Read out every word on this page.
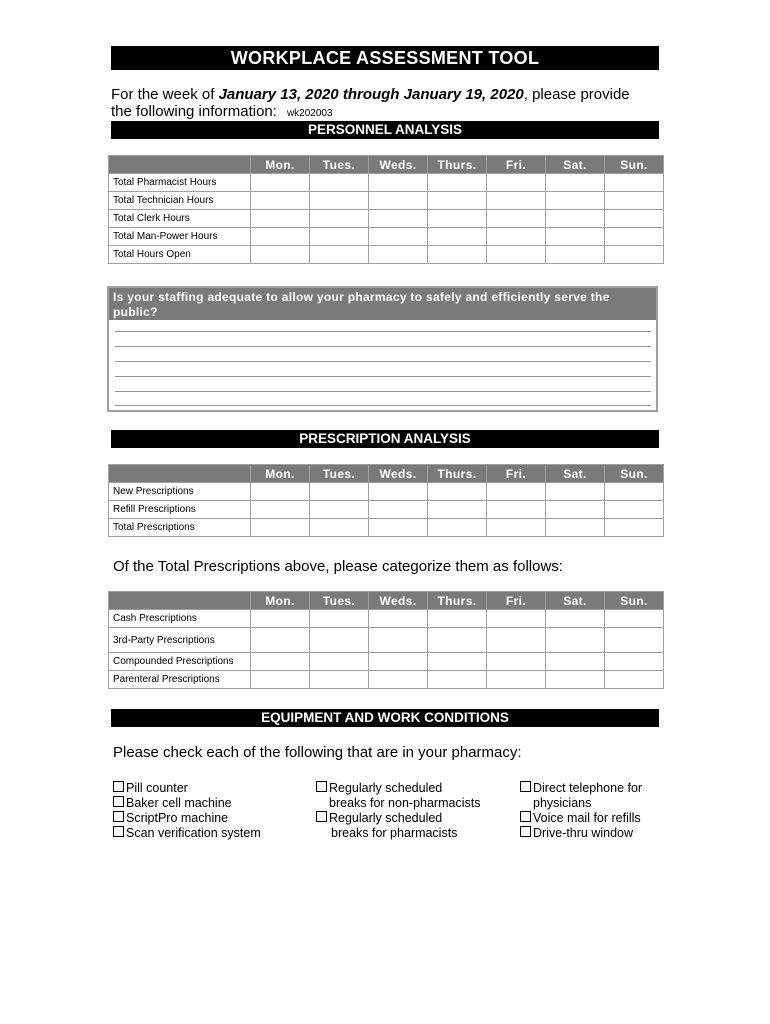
WORKPLACE ASSESSMENT TOOL
For the week of January 13, 2020 through January 19, 2020, please provide
the following information: wk202003
PERSONNEL ANALYSIS
	Mon.	Tues.	Weds.	Thurs.	Fri.	Sat.	Sun.
Total Pharmacist Hours							
Total Technician Hours							
Total Clerk Hours							
Total Man-Power Hours							
Total Hours Open							
Is your staffing adequate to allow your pharmacy to safely and efficiently serve the public?
If not, what suggestions regarding the staffing of your pharmacy would you make?
PRESCRIPTION ANALYSIS
	Mon.	Tues.	Weds.	Thurs.	Fri.	Sat.	Sun.
New Prescriptions							
Refill Prescriptions							
Total Prescriptions							
Of the Total Prescriptions above, please categorize them as follows:
	Mon.	Tues.	Weds.	Thurs.	Fri.	Sat.	Sun.
Cash Prescriptions							
3rd-Party Prescriptions							
Compounded Prescriptions							
Parenteral Prescriptions							
EQUIPMENT AND WORK CONDITIONS
Please check each of the following that are in your pharmacy:
Pill counter
Baker cell machine
ScriptPro machine
Scan verification system
Regularly scheduled
breaks for non-pharmacists
Regularly scheduled
breaks for pharmacists
Direct telephone for
physicians
Voice mail for refills
Drive-thru window
